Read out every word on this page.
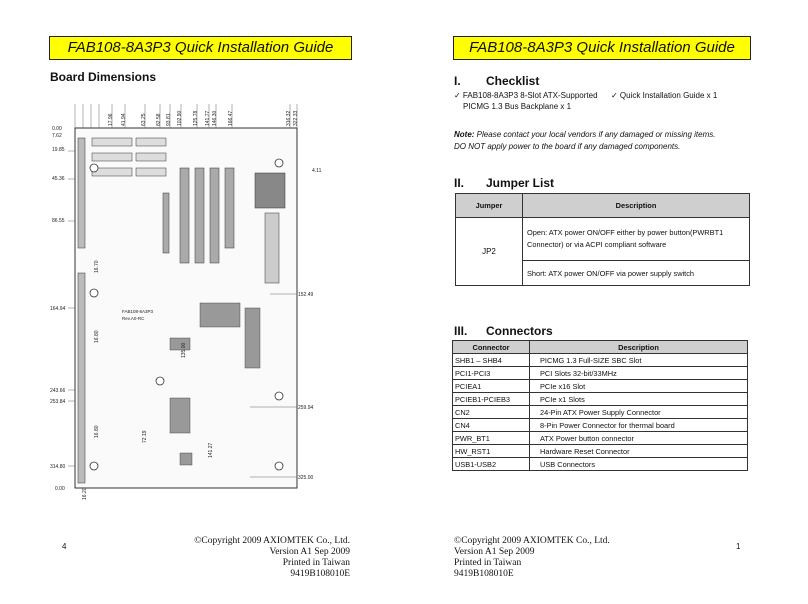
FAB108-8A3P3 Quick Installation Guide
Board Dimensions
17.96 41.94	63.25 82.58 93.81 102.90 125.78 141.77 146.30 166.47	316.32 322.33
0.00
7.62
19.85
45.36
86.55
164.94
243.66
253.84
314.80
0.00
4.11
152.49
259.94
325.00
FAB108-8A3P3
Rev.A0-RC
16.70
135.00
72.19
141.27
16.80
16.80
16.20
4
©Copyright 2009 AXIOMTEK Co., Ltd.
Version A1 Sep 2009
Printed in Taiwan
9419B108010E
FAB108-8A3P3 Quick Installation Guide
I. Checklist
✓ FAB108-8A3P3 8-Slot ATX-Supported
PICMG 1.3 Bus Backplane x 1
✓ Quick Installation Guide x 1
Note: Please contact your local vendors if any damaged or missing items.
DO NOT apply power to the board if any damaged components.
II. Jumper List
Jumper	Description
JP2	Open: ATX power ON/OFF either by power button(PWRBT1 Connector) or via ACPI compliant software
	Short: ATX power ON/OFF via power supply switch
III. Connectors
Connector	Description
SHB1 – SHB4	PICMG 1.3 Full-SIZE SBC Slot
PCI1-PCI3	PCI Slots 32-bit/33MHz
PCIEA1	PCIe x16 Slot
PCIEB1-PCIEB3	PCIe x1 Slots
CN2	24-Pin ATX Power Supply Connector
CN4	8-Pin Power Connector for thermal board
PWR_BT1	ATX Power button connector
HW_RST1	Hardware Reset Connector
USB1-USB2	USB Connectors
©Copyright 2009 AXIOMTEK Co., Ltd.
Version A1 Sep 2009
Printed in Taiwan
9419B108010E
1
